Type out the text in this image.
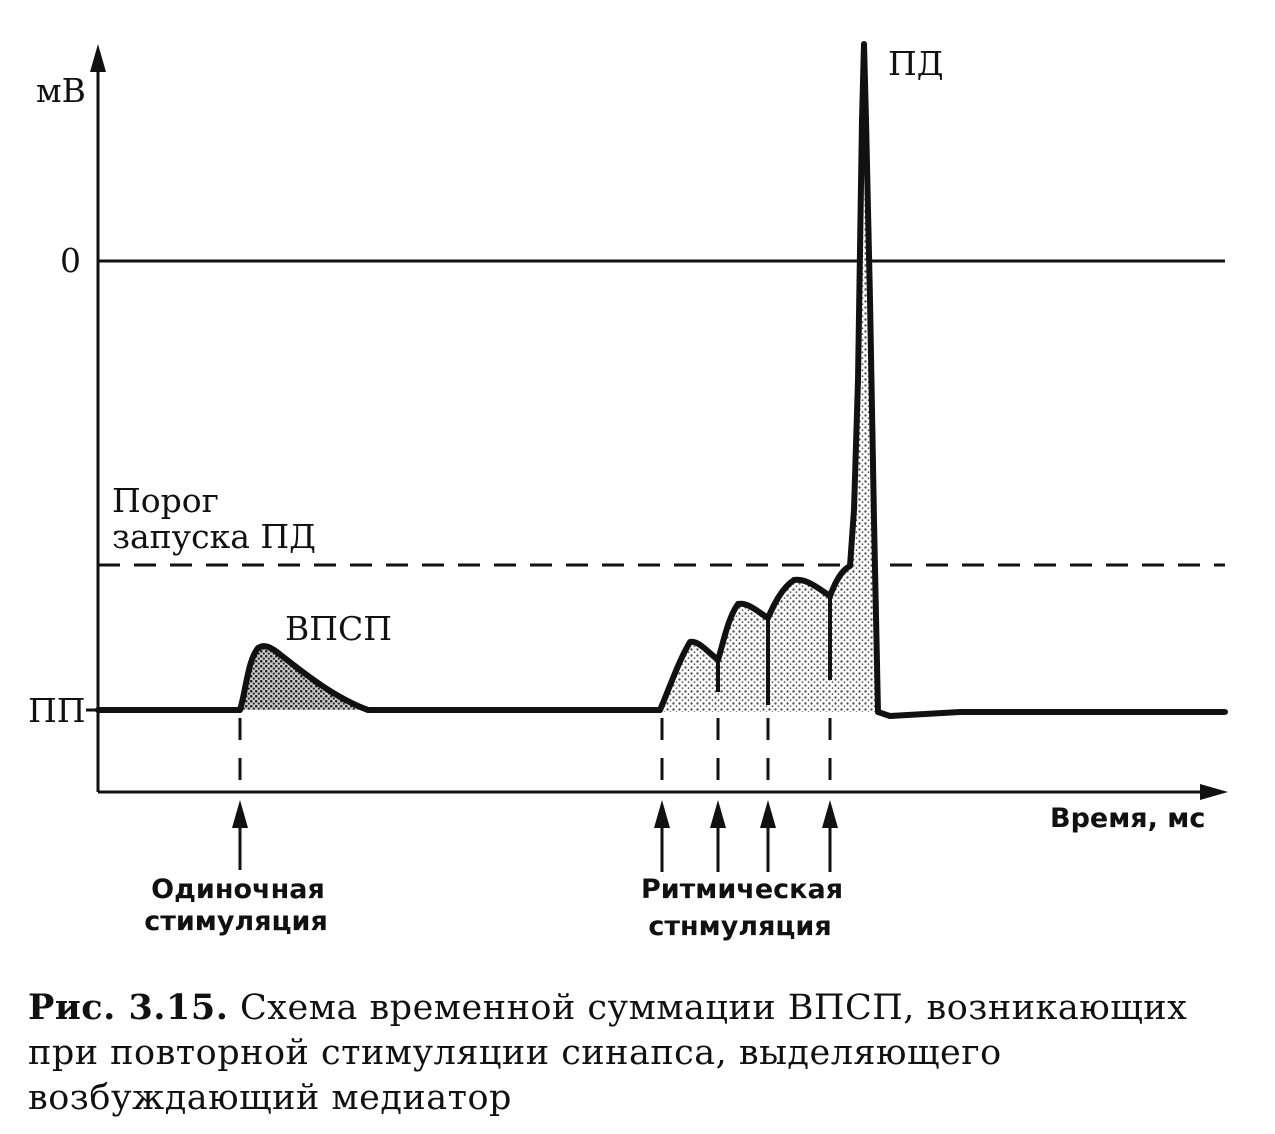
мВ
0
ПП
Время, мс
Порог
запуска ПД
ВПСП
ПД
Одиночная
стимуляция
Ритмическая
стнмуляция
Рис. 3.15. Схема временной суммации ВПСП, возникающих при повторной стимуляции синапса, выделяющего возбуждающий медиатор
